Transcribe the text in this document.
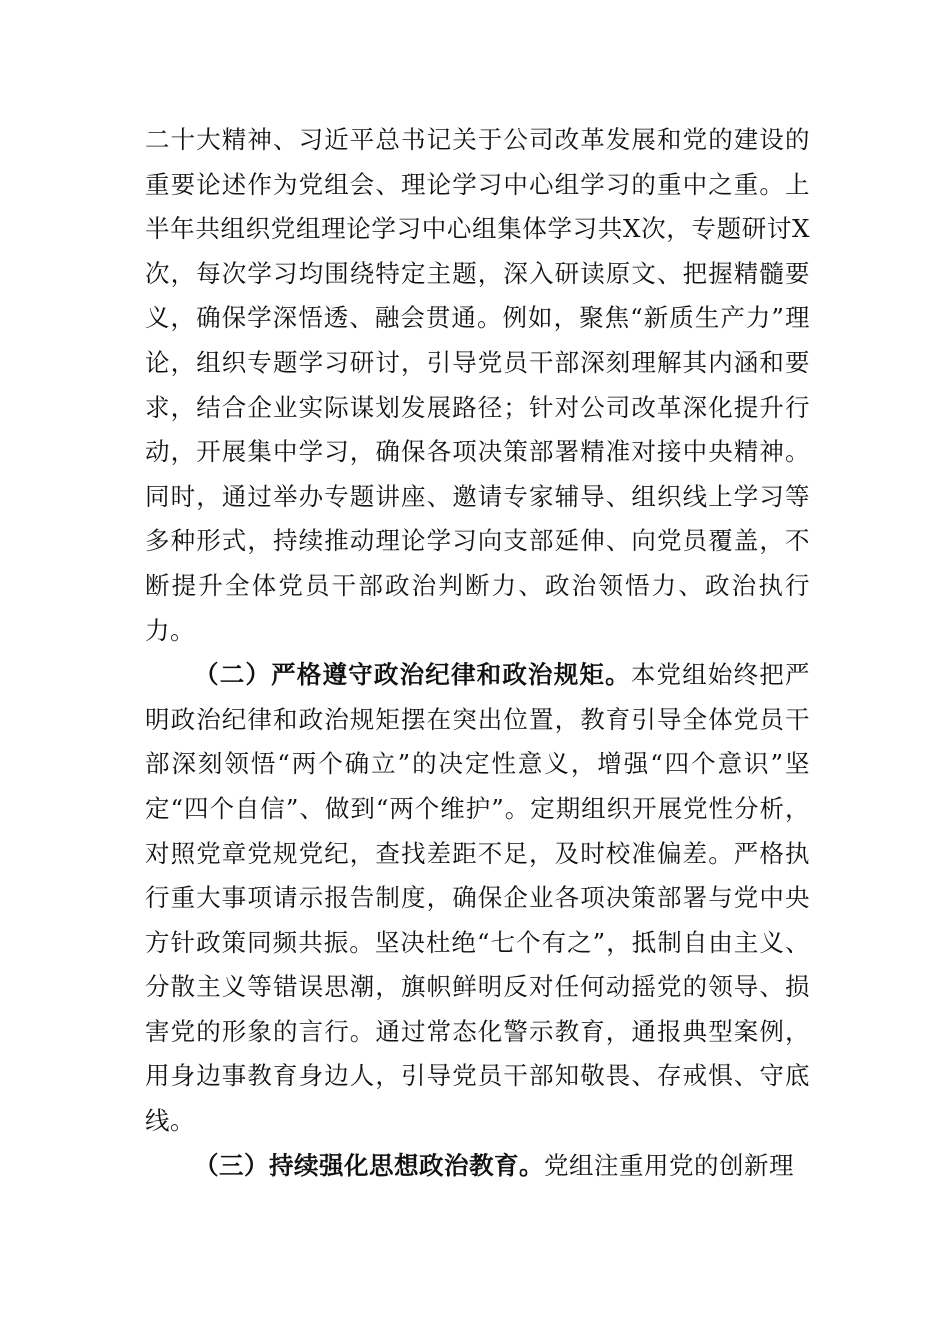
二十大精神、习近平总书记关于公司改革发展和党的建设的重要论述作为党组会、理论学习中心组学习的重中之重。上半年共组织党组理论学习中心组集体学习共X次，专题研讨X次，每次学习均围绕特定主题，深入研读原文、把握精髓要义，确保学深悟透、融会贯通。例如，聚焦“新质生产力”理论，组织专题学习研讨，引导党员干部深刻理解其内涵和要求，结合企业实际谋划发展路径；针对公司改革深化提升行动，开展集中学习，确保各项决策部署精准对接中央精神。同时，通过举办专题讲座、邀请专家辅导、组织线上学习等多种形式，持续推动理论学习向支部延伸、向党员覆盖，不断提升全体党员干部政治判断力、政治领悟力、政治执行力。

（二）严格遵守政治纪律和政治规矩。本党组始终把严明政治纪律和政治规矩摆在突出位置，教育引导全体党员干部深刻领悟“两个确立”的决定性意义，增强“四个意识”坚定“四个自信”、做到“两个维护”。定期组织开展党性分析，对照党章党规党纪，查找差距不足，及时校准偏差。严格执行重大事项请示报告制度，确保企业各项决策部署与党中央方针政策同频共振。坚决杜绝“七个有之”，抵制自由主义、分散主义等错误思潮，旗帜鲜明反对任何动摇党的领导、损害党的形象的言行。通过常态化警示教育，通报典型案例，用身边事教育身边人，引导党员干部知敬畏、存戒惧、守底线。

（三）持续强化思想政治教育。党组注重用党的创新理
